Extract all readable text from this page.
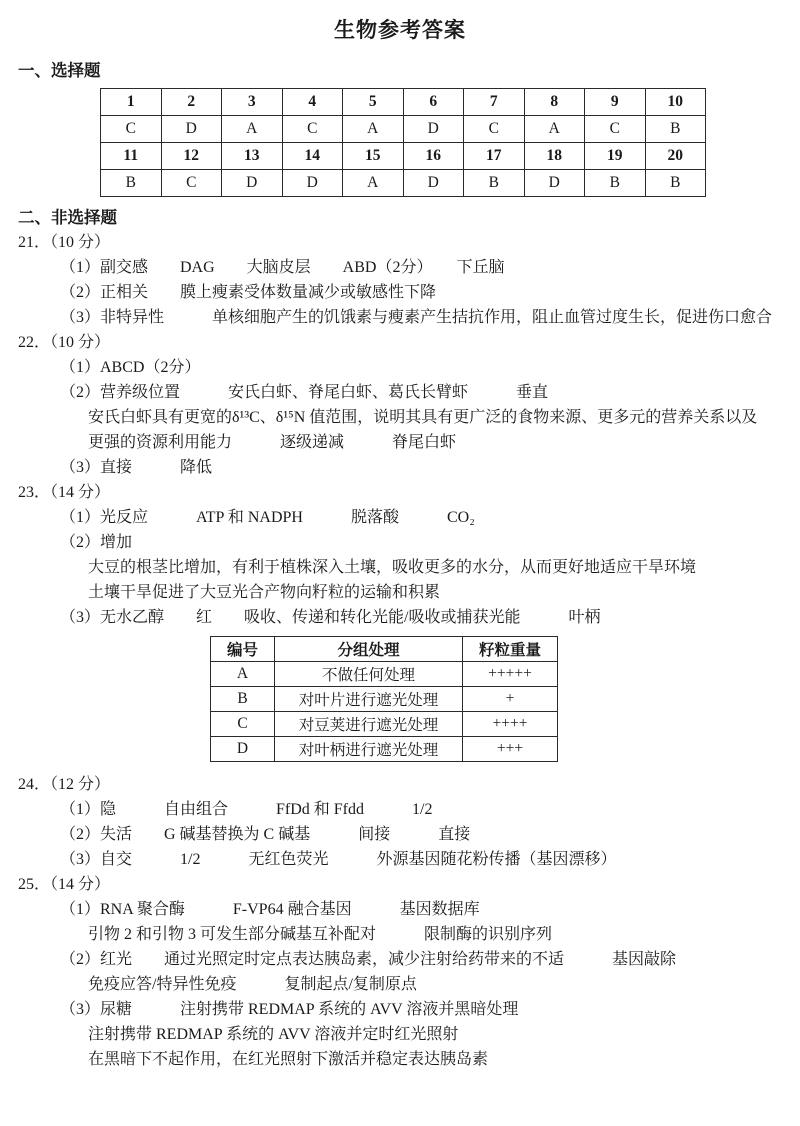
生物参考答案
一、选择题
1	2	3	4	5	6	7	8	9	10
C	D	A	C	A	D	C	A	C	B
11	12	13	14	15	16	17	18	19	20
B	C	D	D	A	D	B	D	B	B
二、非选择题
21．（10 分）
（1）副交感　　DAG　　大脑皮层　　ABD（2分）　　下丘脑
（2）正相关　　膜上瘦素受体数量减少或敏感性下降
（3）非特异性　　　单核细胞产生的饥饿素与瘦素产生拮抗作用，阻止血管过度生长，促进伤口愈合
22．（10 分）
（1）ABCD（2分）
（2）营养级位置　　　安氏白虾、脊尾白虾、葛氏长臂虾　　　垂直
安氏白虾具有更宽的δ¹³C、δ¹⁵N 值范围，说明其具有更广泛的食物来源、更多元的营养关系以及
更强的资源利用能力　　　逐级递减　　　脊尾白虾
（3）直接　　　降低
23．（14 分）
（1）光反应　　　ATP 和 NADPH　　　脱落酸　　　CO₂
（2）增加
大豆的根茎比增加，有利于植株深入土壤，吸收更多的水分，从而更好地适应干旱环境
土壤干旱促进了大豆光合产物向籽粒的运输和积累
（3）无水乙醇　　红　　吸收、传递和转化光能/吸收或捕获光能　　　叶柄
编号	分组处理	籽粒重量
A	不做任何处理	+++++
B	对叶片进行遮光处理	+
C	对豆荚进行遮光处理	++++
D	对叶柄进行遮光处理	+++
24．（12 分）
（1）隐　　　自由组合　　　FfDd 和 Ffdd　　　1/2
（2）失活　　G 碱基替换为 C 碱基　　　间接　　　直接
（3）自交　　　1/2　　　无红色荧光　　　外源基因随花粉传播（基因漂移）
25．（14 分）
（1）RNA 聚合酶　　　F-VP64 融合基因　　　基因数据库
引物 2 和引物 3 可发生部分碱基互补配对　　　限制酶的识别序列
（2）红光　　通过光照定时定点表达胰岛素，减少注射给药带来的不适　　　基因敲除
免疫应答/特异性免疫　　　复制起点/复制原点
（3）尿糖　　　注射携带 REDMAP 系统的 AVV 溶液并黑暗处理
注射携带 REDMAP 系统的 AVV 溶液并定时红光照射
在黑暗下不起作用，在红光照射下激活并稳定表达胰岛素
